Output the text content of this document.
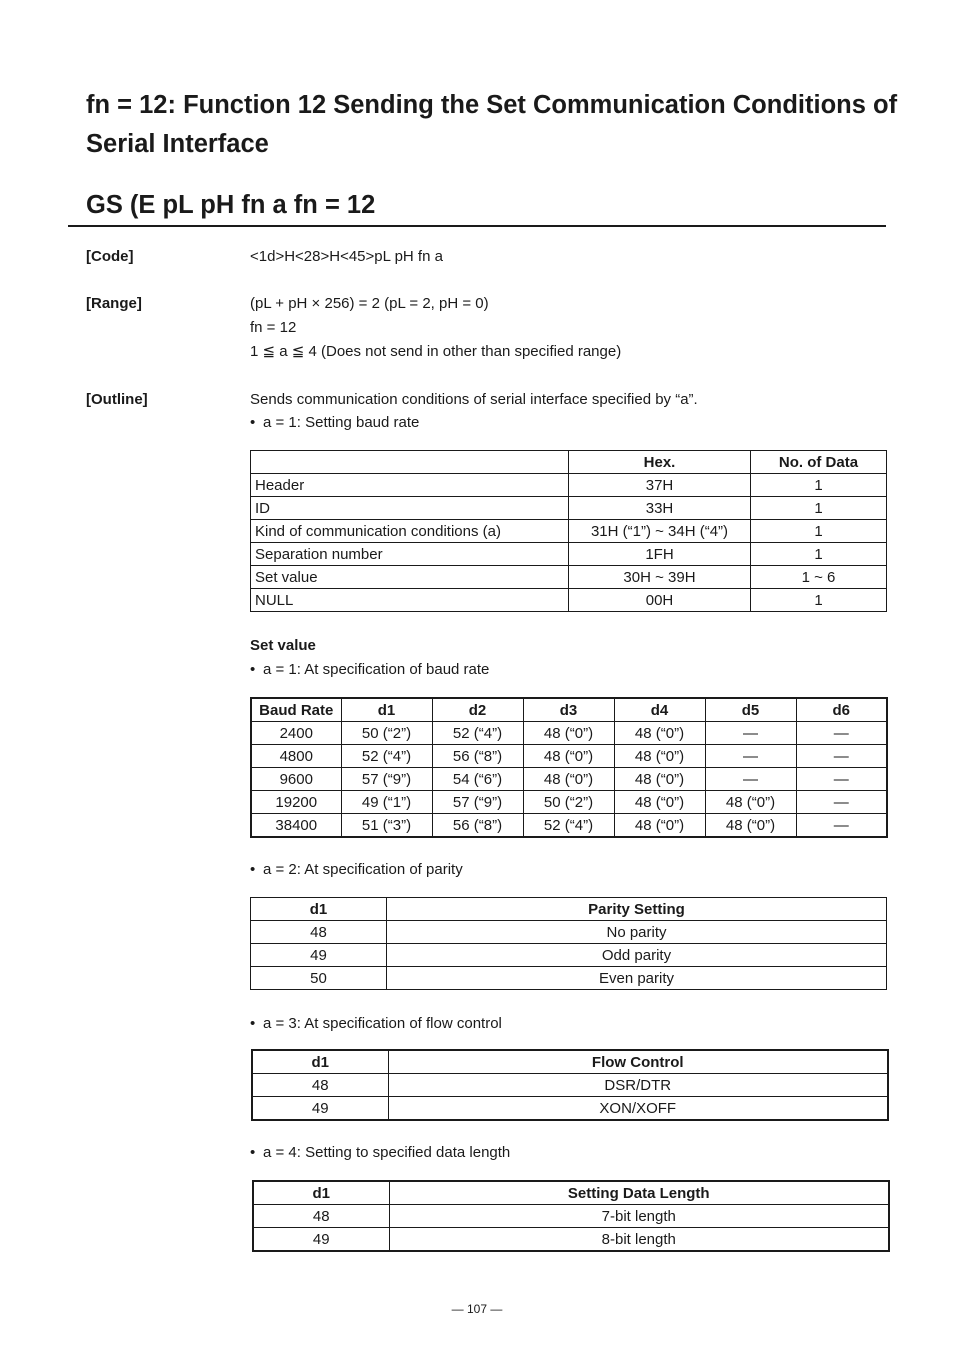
fn = 12: Function 12 Sending the Set Communication Conditions of
Serial Interface
GS (E pL pH fn a fn = 12
[Code]	<1d>H<28>H<45>pL pH fn a
[Range]	(pL + pH × 256) = 2 (pL = 2, pH = 0)
fn = 12
1 ≦ a ≦ 4 (Does not send in other than specified range)
[Outline]	Sends communication conditions of serial interface specified by “a”.
• a = 1: Setting baud rate
	Hex.	No. of Data
Header	37H	1
ID	33H	1
Kind of communication conditions (a)	31H (“1”) ~ 34H (“4”)	1
Separation number	1FH	1
Set value	30H ~ 39H	1 ~ 6
NULL	00H	1
Set value
• a = 1: At specification of baud rate
Baud Rate	d1	d2	d3	d4	d5	d6
2400	50 (“2”)	52 (“4”)	48 (“0”)	48 (“0”)	—	—
4800	52 (“4”)	56 (“8”)	48 (“0”)	48 (“0”)	—	—
9600	57 (“9”)	54 (“6”)	48 (“0”)	48 (“0”)	—	—
19200	49 (“1”)	57 (“9”)	50 (“2”)	48 (“0”)	48 (“0”)	—
38400	51 (“3”)	56 (“8”)	52 (“4”)	48 (“0”)	48 (“0”)	—
• a = 2: At specification of parity
d1	Parity Setting
48	No parity
49	Odd parity
50	Even parity
• a = 3: At specification of flow control
d1	Flow Control
48	DSR/DTR
49	XON/XOFF
• a = 4: Setting to specified data length
d1	Setting Data Length
48	7-bit length
49	8-bit length
— 107 —
